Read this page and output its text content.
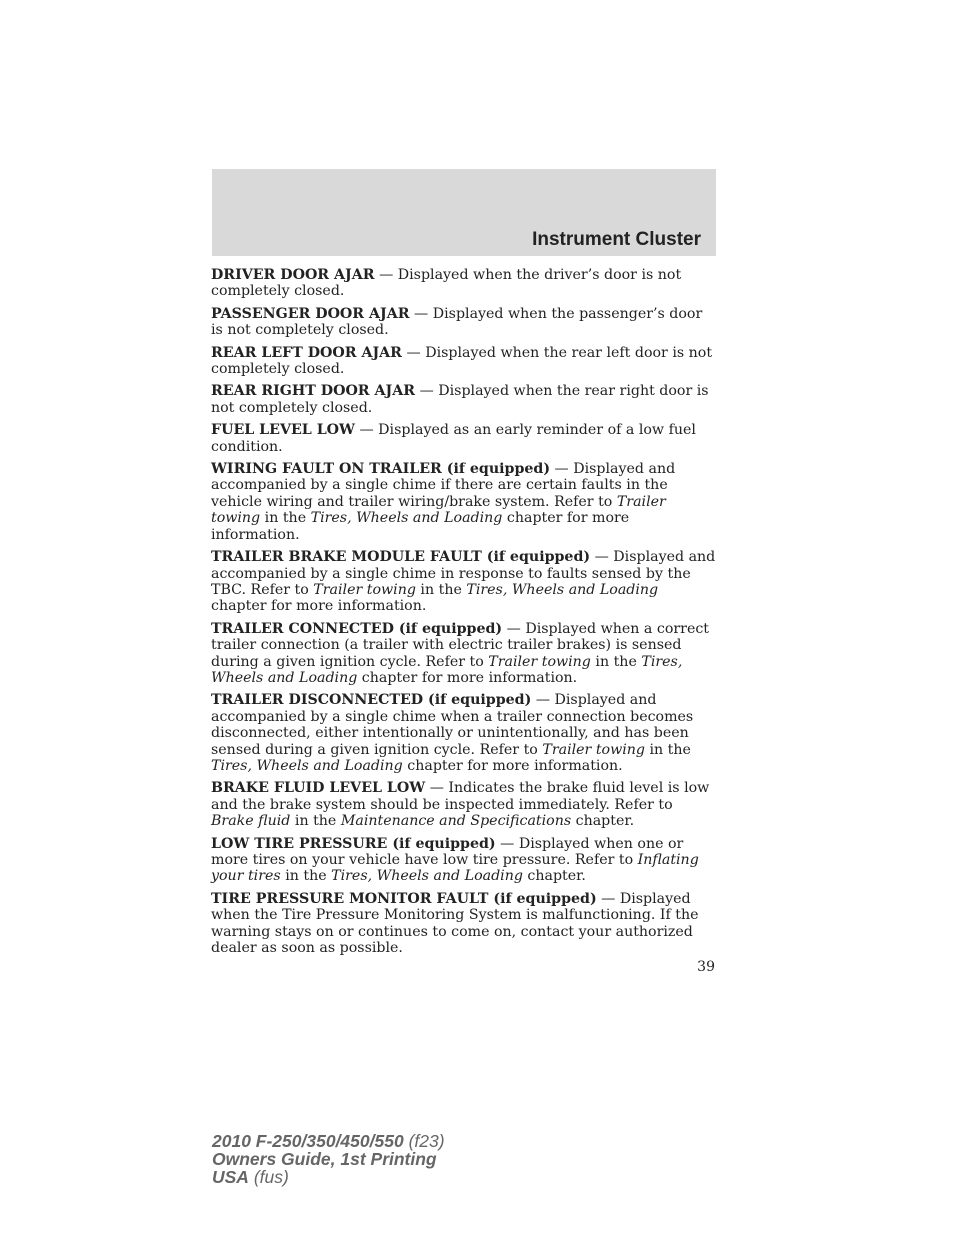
Instrument Cluster

DRIVER DOOR AJAR — Displayed when the driver’s door is not completely closed.

PASSENGER DOOR AJAR — Displayed when the passenger’s door is not completely closed.

REAR LEFT DOOR AJAR — Displayed when the rear left door is not completely closed.

REAR RIGHT DOOR AJAR — Displayed when the rear right door is not completely closed.

FUEL LEVEL LOW — Displayed as an early reminder of a low fuel condition.

WIRING FAULT ON TRAILER (if equipped) — Displayed and accompanied by a single chime if there are certain faults in the vehicle wiring and trailer wiring/brake system. Refer to Trailer towing in the Tires, Wheels and Loading chapter for more information.

TRAILER BRAKE MODULE FAULT (if equipped) — Displayed and accompanied by a single chime in response to faults sensed by the TBC. Refer to Trailer towing in the Tires, Wheels and Loading chapter for more information.

TRAILER CONNECTED (if equipped) — Displayed when a correct trailer connection (a trailer with electric trailer brakes) is sensed during a given ignition cycle. Refer to Trailer towing in the Tires, Wheels and Loading chapter for more information.

TRAILER DISCONNECTED (if equipped) — Displayed and accompanied by a single chime when a trailer connection becomes disconnected, either intentionally or unintentionally, and has been sensed during a given ignition cycle. Refer to Trailer towing in the Tires, Wheels and Loading chapter for more information.

BRAKE FLUID LEVEL LOW — Indicates the brake fluid level is low and the brake system should be inspected immediately. Refer to Brake fluid in the Maintenance and Specifications chapter.

LOW TIRE PRESSURE (if equipped) — Displayed when one or more tires on your vehicle have low tire pressure. Refer to Inflating your tires in the Tires, Wheels and Loading chapter.

TIRE PRESSURE MONITOR FAULT (if equipped) — Displayed when the Tire Pressure Monitoring System is malfunctioning. If the warning stays on or continues to come on, contact your authorized dealer as soon as possible.

39
2010 F-250/350/450/550 (f23)
Owners Guide, 1st Printing
USA (fus)
